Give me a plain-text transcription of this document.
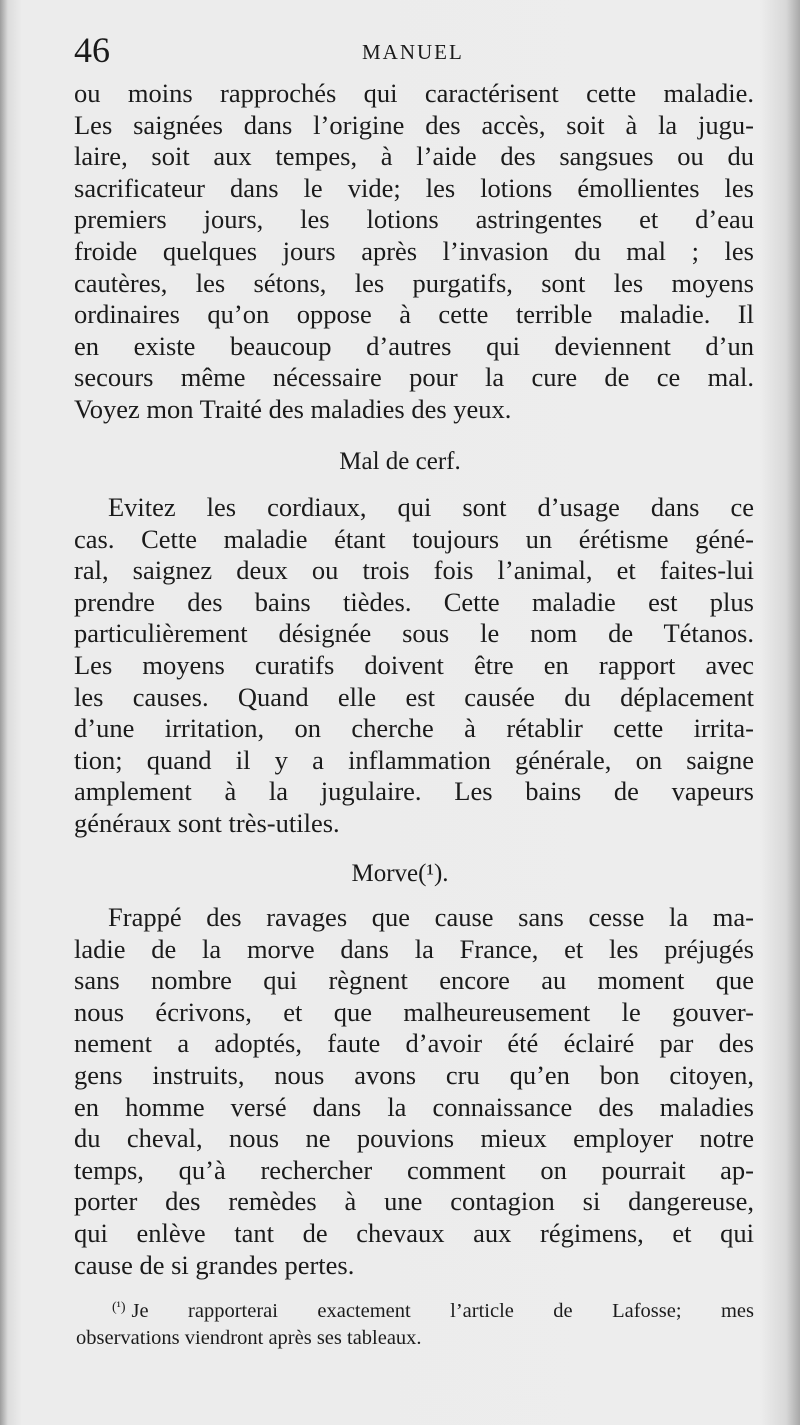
46	MANUEL
ou moins rapprochés qui caractérisent cette maladie.
Les saignées dans l’origine des accès, soit à la jugu-
laire, soit aux tempes, à l’aide des sangsues ou du
sacrificateur dans le vide; les lotions émollientes les
premiers jours, les lotions astringentes et d’eau
froide quelques jours après l’invasion du mal ; les
cautères, les sétons, les purgatifs, sont les moyens
ordinaires qu’on oppose à cette terrible maladie. Il
en existe beaucoup d’autres qui deviennent d’un
secours même nécessaire pour la cure de ce mal.
Voyez mon Traité des maladies des yeux.
Mal de cerf.
Evitez les cordiaux, qui sont d’usage dans ce
cas. Cette maladie étant toujours un érétisme géné-
ral, saignez deux ou trois fois l’animal, et faites-lui
prendre des bains tièdes. Cette maladie est plus
particulièrement désignée sous le nom de Tétanos.
Les moyens curatifs doivent être en rapport avec
les causes. Quand elle est causée du déplacement
d’une irritation, on cherche à rétablir cette irrita-
tion; quand il y a inflammation générale, on saigne
amplement à la jugulaire. Les bains de vapeurs
généraux sont très-utiles.
Morve(¹).
Frappé des ravages que cause sans cesse la ma-
ladie de la morve dans la France, et les préjugés
sans nombre qui règnent encore au moment que
nous écrivons, et que malheureusement le gouver-
nement a adoptés, faute d’avoir été éclairé par des
gens instruits, nous avons cru qu’en bon citoyen,
en homme versé dans la connaissance des maladies
du cheval, nous ne pouvions mieux employer notre
temps, qu’à rechercher comment on pourrait ap-
porter des remèdes à une contagion si dangereuse,
qui enlève tant de chevaux aux régimens, et qui
cause de si grandes pertes.
$^{(^1)}$ Je rapporterai exactement l’article de Lafosse; mes
observations viendront après ses tableaux.
